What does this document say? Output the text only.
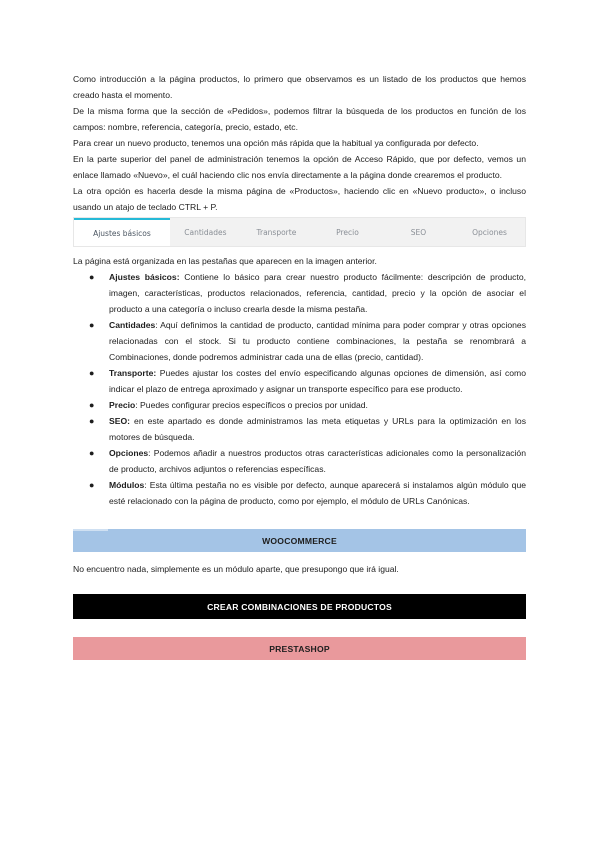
Como introducción a la página productos, lo primero que observamos es un listado de los productos que hemos creado hasta el momento.

De la misma forma que la sección de «Pedidos», podemos filtrar la búsqueda de los productos en función de los campos: nombre, referencia, categoría, precio, estado, etc.

Para crear un nuevo producto, tenemos una opción más rápida que la habitual ya configurada por defecto.

En la parte superior del panel de administración tenemos la opción de Acceso Rápido, que por defecto, vemos un enlace llamado «Nuevo», el cuál haciendo clic nos envía directamente a la página donde crearemos el producto.

La otra opción es hacerla desde la misma página de «Productos», haciendo clic en «Nuevo producto», o incluso usando un atajo de teclado CTRL + P.

Ajustes básicos	Cantidades	Transporte	Precio	SEO	Opciones

La página está organizada en las pestañas que aparecen en la imagen anterior.

● Ajustes básicos: Contiene lo básico para crear nuestro producto fácilmente: descripción de producto, imagen, características, productos relacionados, referencia, cantidad, precio y la opción de asociar el producto a una categoría o incluso crearla desde la misma pestaña.
● Cantidades: Aquí definimos la cantidad de producto, cantidad mínima para poder comprar y otras opciones relacionadas con el stock. Si tu producto contiene combinaciones, la pestaña se renombrará a Combinaciones, donde podremos administrar cada una de ellas (precio, cantidad).
● Transporte: Puedes ajustar los costes del envío especificando algunas opciones de dimensión, así como indicar el plazo de entrega aproximado y asignar un transporte específico para ese producto.
● Precio: Puedes configurar precios específicos o precios por unidad.
● SEO: en este apartado es donde administramos las meta etiquetas y URLs para la optimización en los motores de búsqueda.
● Opciones: Podemos añadir a nuestros productos otras características adicionales como la personalización de producto, archivos adjuntos o referencias específicas.
● Módulos: Esta última pestaña no es visible por defecto, aunque aparecerá si instalamos algún módulo que esté relacionado con la página de producto, como por ejemplo, el módulo de URLs Canónicas.
WOOCOMMERCE

No encuentro nada, simplemente es un módulo aparte, que presupongo que irá igual.

CREAR COMBINACIONES DE PRODUCTOS
PRESTASHOP
